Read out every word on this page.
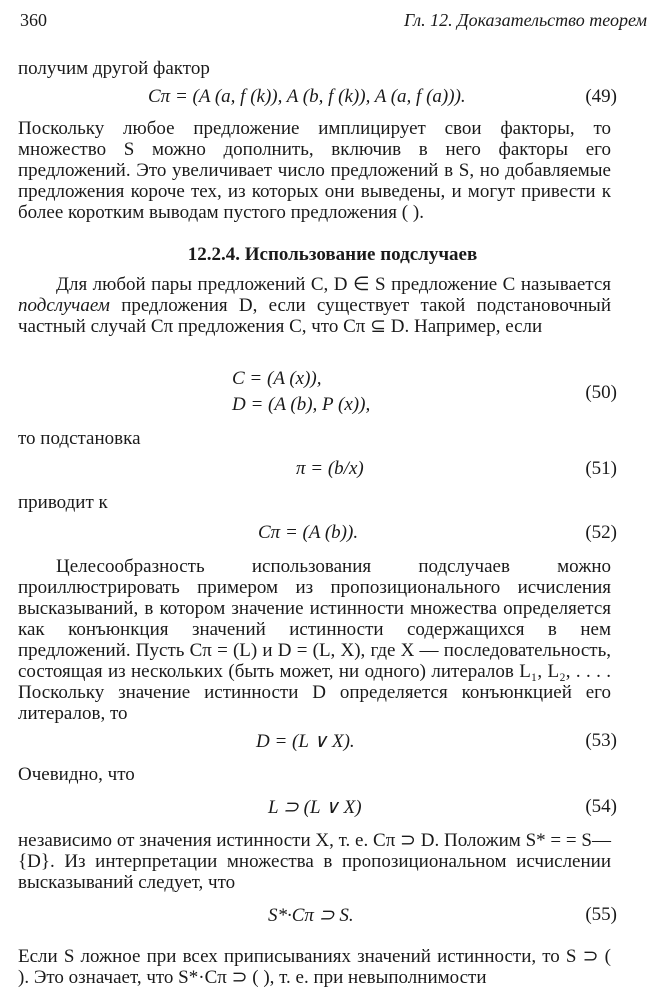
360	Гл. 12. Доказательство теорем

получим другой фактор

Cπ = (A (a, f (k)), A (b, f (k)), A (a, f (a))).	(49)

Поскольку любое предложение имплицирует свои факторы, то множество S можно дополнить, включив в него факторы его предложений. Это увеличивает число предложений в S, но добавляемые предложения короче тех, из которых они выведены, и могут привести к более коротким выводам пустого предложения ( ).

12.2.4. Использование подслучаев

Для любой пары предложений C, D ∈ S предложение C называется подслучаем предложения D, если существует такой подстановочный частный случай Cπ предложения C, что Cπ ⊆ D. Например, если

C = (A (x)),
D = (A (b), P (x)),
(50)

то подстановка

π = (b/x)	(51)

приводит к

Cπ = (A (b)).	(52)

Целесообразность использования подслучаев можно проиллюстрировать примером из пропозиционального исчисления высказываний, в котором значение истинности множества определяется как конъюнкция значений истинности содержащихся в нем предложений. Пусть Cπ = (L) и D = (L, X), где X — последовательность, состоящая из нескольких (быть может, ни одного) литералов L₁, L₂, . . . . Поскольку значение истинности D определяется конъюнкцией его литералов, то

D = (L ∨ X).	(53)

Очевидно, что

L ⊃ (L ∨ X)	(54)

независимо от значения истинности X, т. е. Cπ ⊃ D. Положим S* = = S—{D}. Из интерпретации множества в пропозициональном исчислении высказываний следует, что

S*·Cπ ⊃ S.	(55)

Если S ложное при всех приписываниях значений истинности, то S ⊃ ( ). Это означает, что S*·Cπ ⊃ ( ), т. е. при невыполнимости
